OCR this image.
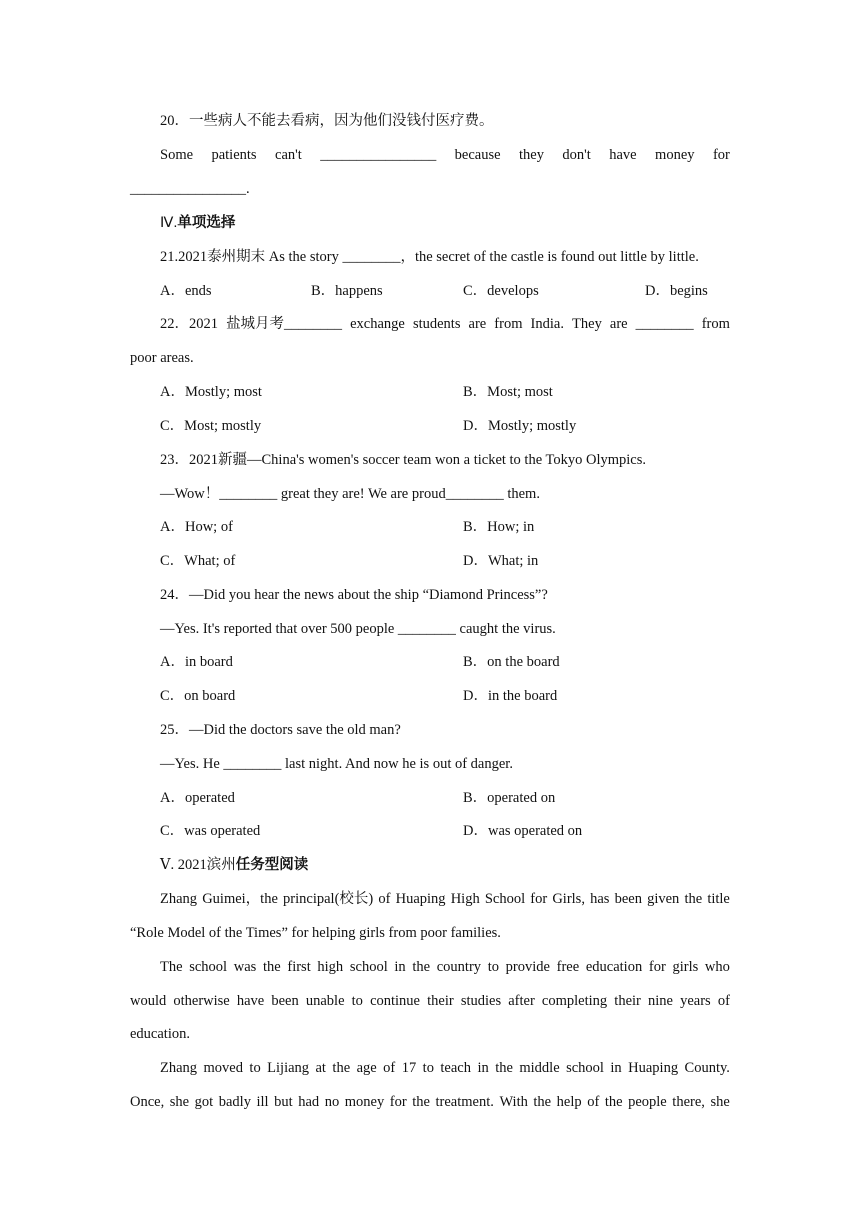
20．一些病人不能去看病，因为他们没钱付医疗费。
Some patients can't ________________ because they don't have money for
________________.
Ⅳ.单项选择
21.2021泰州期末 As the story ________，the secret of the castle is found out little by little.
A．ends	B．happens	C．develops	D．begins
22．2021 盐城月考________ exchange students are from India. They are ________ from
poor areas.
A．Mostly; most	B．Most; most
C．Most; mostly	D．Mostly; mostly
23．2021新疆—China's women's soccer team won a ticket to the Tokyo Olympics.
—Wow！________ great they are! We are proud________ them.
A．How; of	B．How; in
C．What; of	D．What; in
24．—Did you hear the news about the ship “Diamond Princess”?
—Yes. It's reported that over 500 people ________ caught the virus.
A．in board	B．on the board
C．on board	D．in the board
25．—Did the doctors save the old man?
—Yes. He ________ last night. And now he is out of danger.
A．operated	B．operated on
C．was operated	D．was operated on
Ⅴ. 2021滨州任务型阅读
Zhang Guimei，the principal(校长) of Huaping High School for Girls, has been given the title
“Role Model of the Times” for helping girls from poor families.
The school was the first high school in the country to provide free education for girls who
would otherwise have been unable to continue their studies after completing their nine years of
education.
Zhang moved to Lijiang at the age of 17 to teach in the middle school in Huaping County.
Once, she got badly ill but had no money for the treatment. With the help of the people there, she
